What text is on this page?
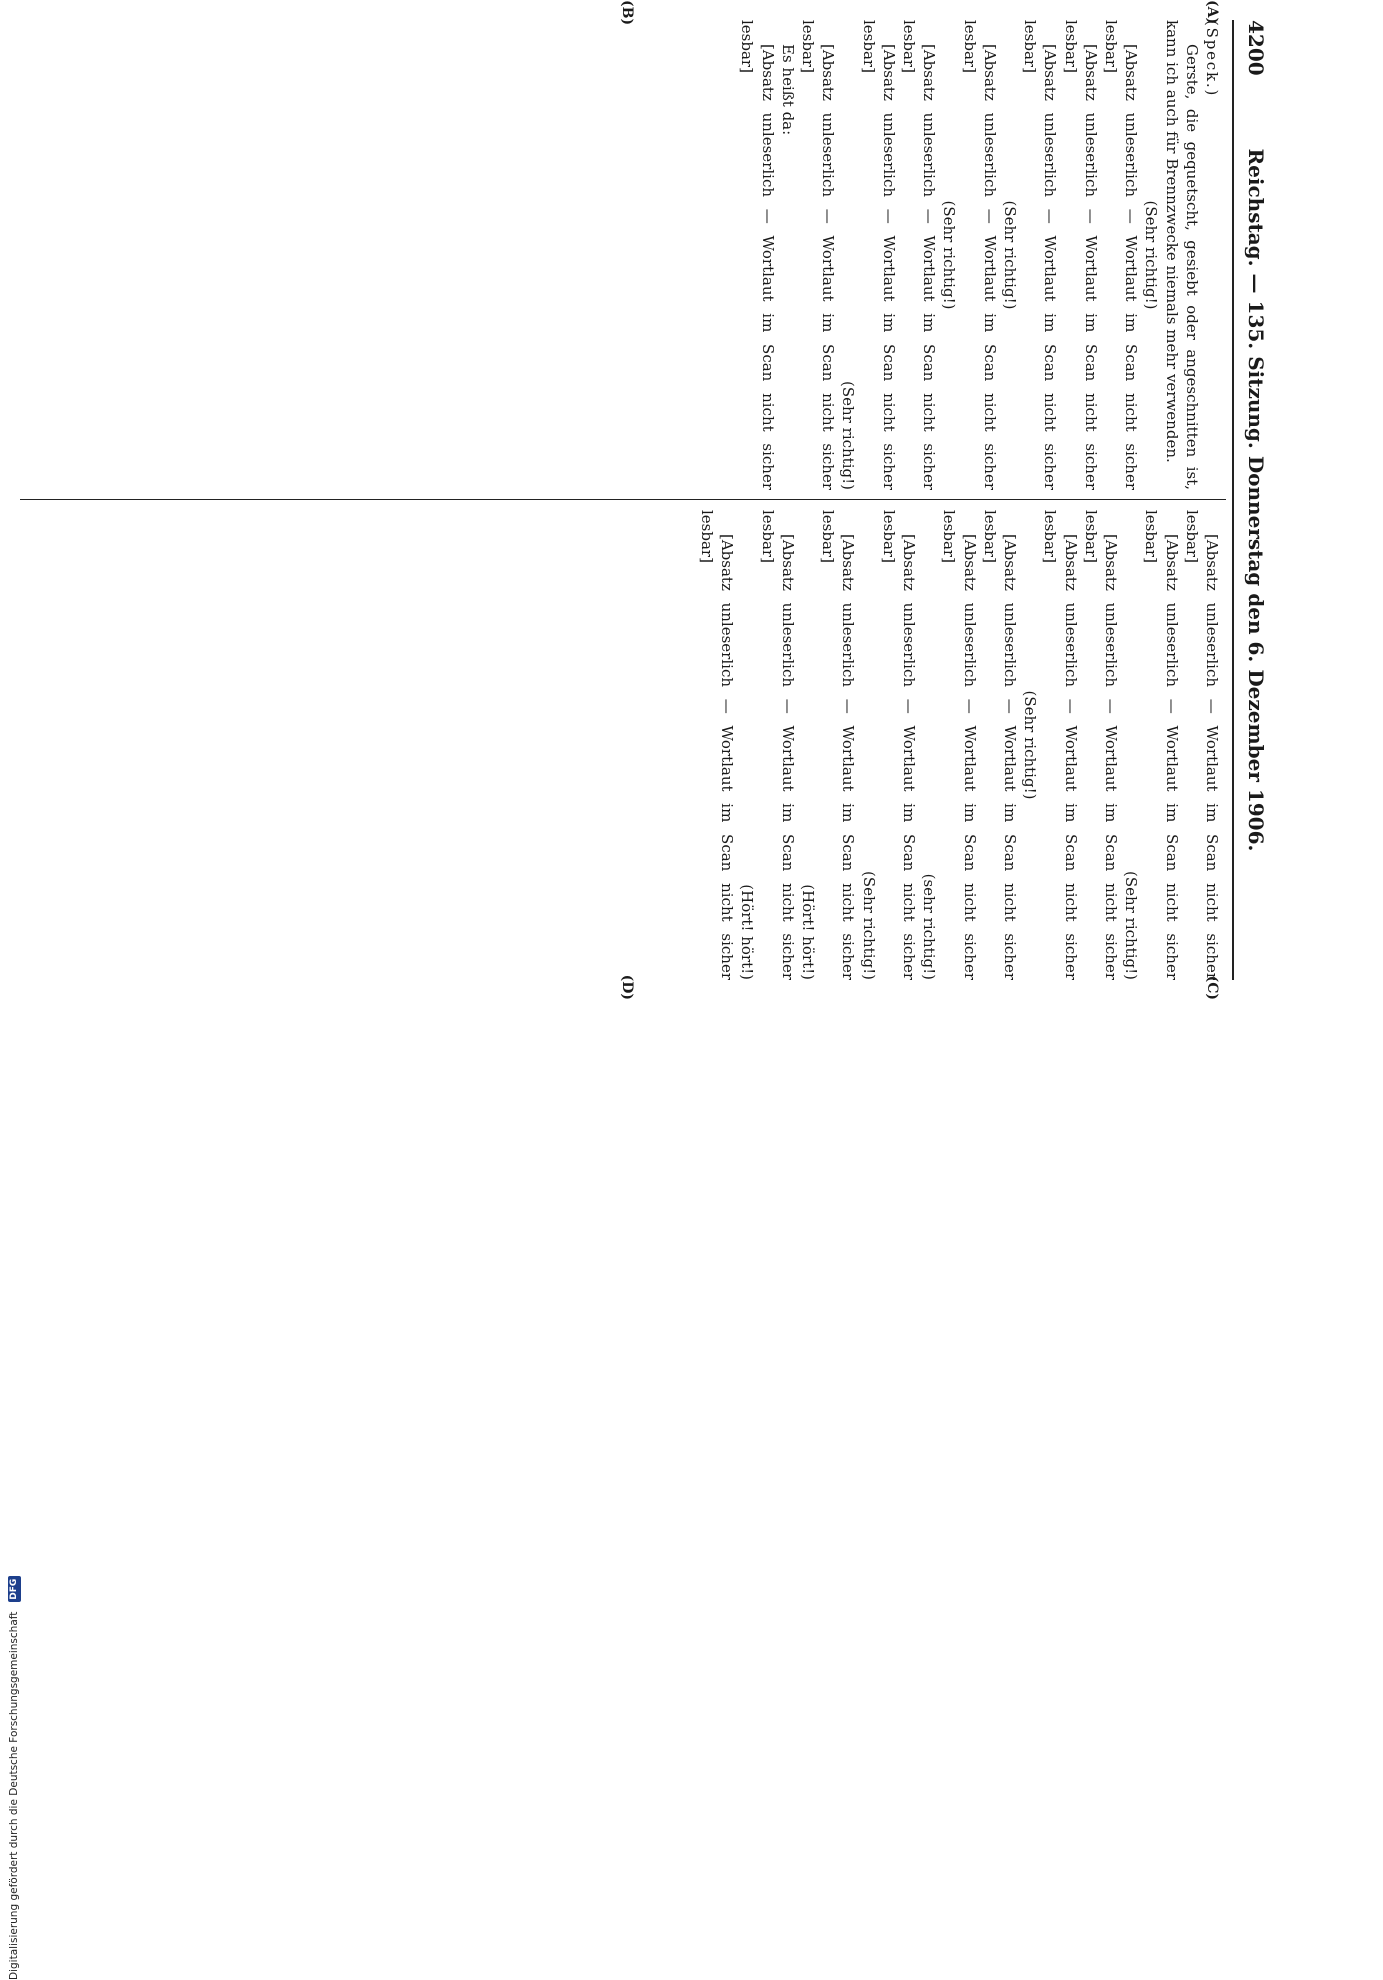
4200
Reichstag. — 135. Sitzung. Donnerstag den 6. Dezember 1906.
(A)
(B)
(C)
(D)

(Speck.)

Gerste, die gequetscht, gesiebt oder angeschnitten ist, kann ich auch für Brennzwecke niemals mehr verwenden.

(Sehr richtig!)

[Absatz unleserlich — Wortlaut im Scan nicht sicher lesbar]

[Absatz unleserlich — Wortlaut im Scan nicht sicher lesbar]

[Absatz unleserlich — Wortlaut im Scan nicht sicher lesbar]

(Sehr richtig!)

[Absatz unleserlich — Wortlaut im Scan nicht sicher lesbar]

(Sehr richtig!)

[Absatz unleserlich — Wortlaut im Scan nicht sicher lesbar]

[Absatz unleserlich — Wortlaut im Scan nicht sicher lesbar]

(Sehr richtig!)

[Absatz unleserlich — Wortlaut im Scan nicht sicher lesbar]

Es heißt da:

[Absatz unleserlich — Wortlaut im Scan nicht sicher lesbar]

[Absatz unleserlich — Wortlaut im Scan nicht sicher lesbar]

[Absatz unleserlich — Wortlaut im Scan nicht sicher lesbar]

(Sehr richtig!)

[Absatz unleserlich — Wortlaut im Scan nicht sicher lesbar]

[Absatz unleserlich — Wortlaut im Scan nicht sicher lesbar]

(Sehr richtig!)

[Absatz unleserlich — Wortlaut im Scan nicht sicher lesbar]

[Absatz unleserlich — Wortlaut im Scan nicht sicher lesbar]

(sehr richtig!)

[Absatz unleserlich — Wortlaut im Scan nicht sicher lesbar]

(Sehr richtig!)

[Absatz unleserlich — Wortlaut im Scan nicht sicher lesbar]

(Hört! hört!)

[Absatz unleserlich — Wortlaut im Scan nicht sicher lesbar]

(Hört! hört!)

[Absatz unleserlich — Wortlaut im Scan nicht sicher lesbar]

Digitalisierung gefördert durch die Deutsche Forschungsgemeinschaft DFG
